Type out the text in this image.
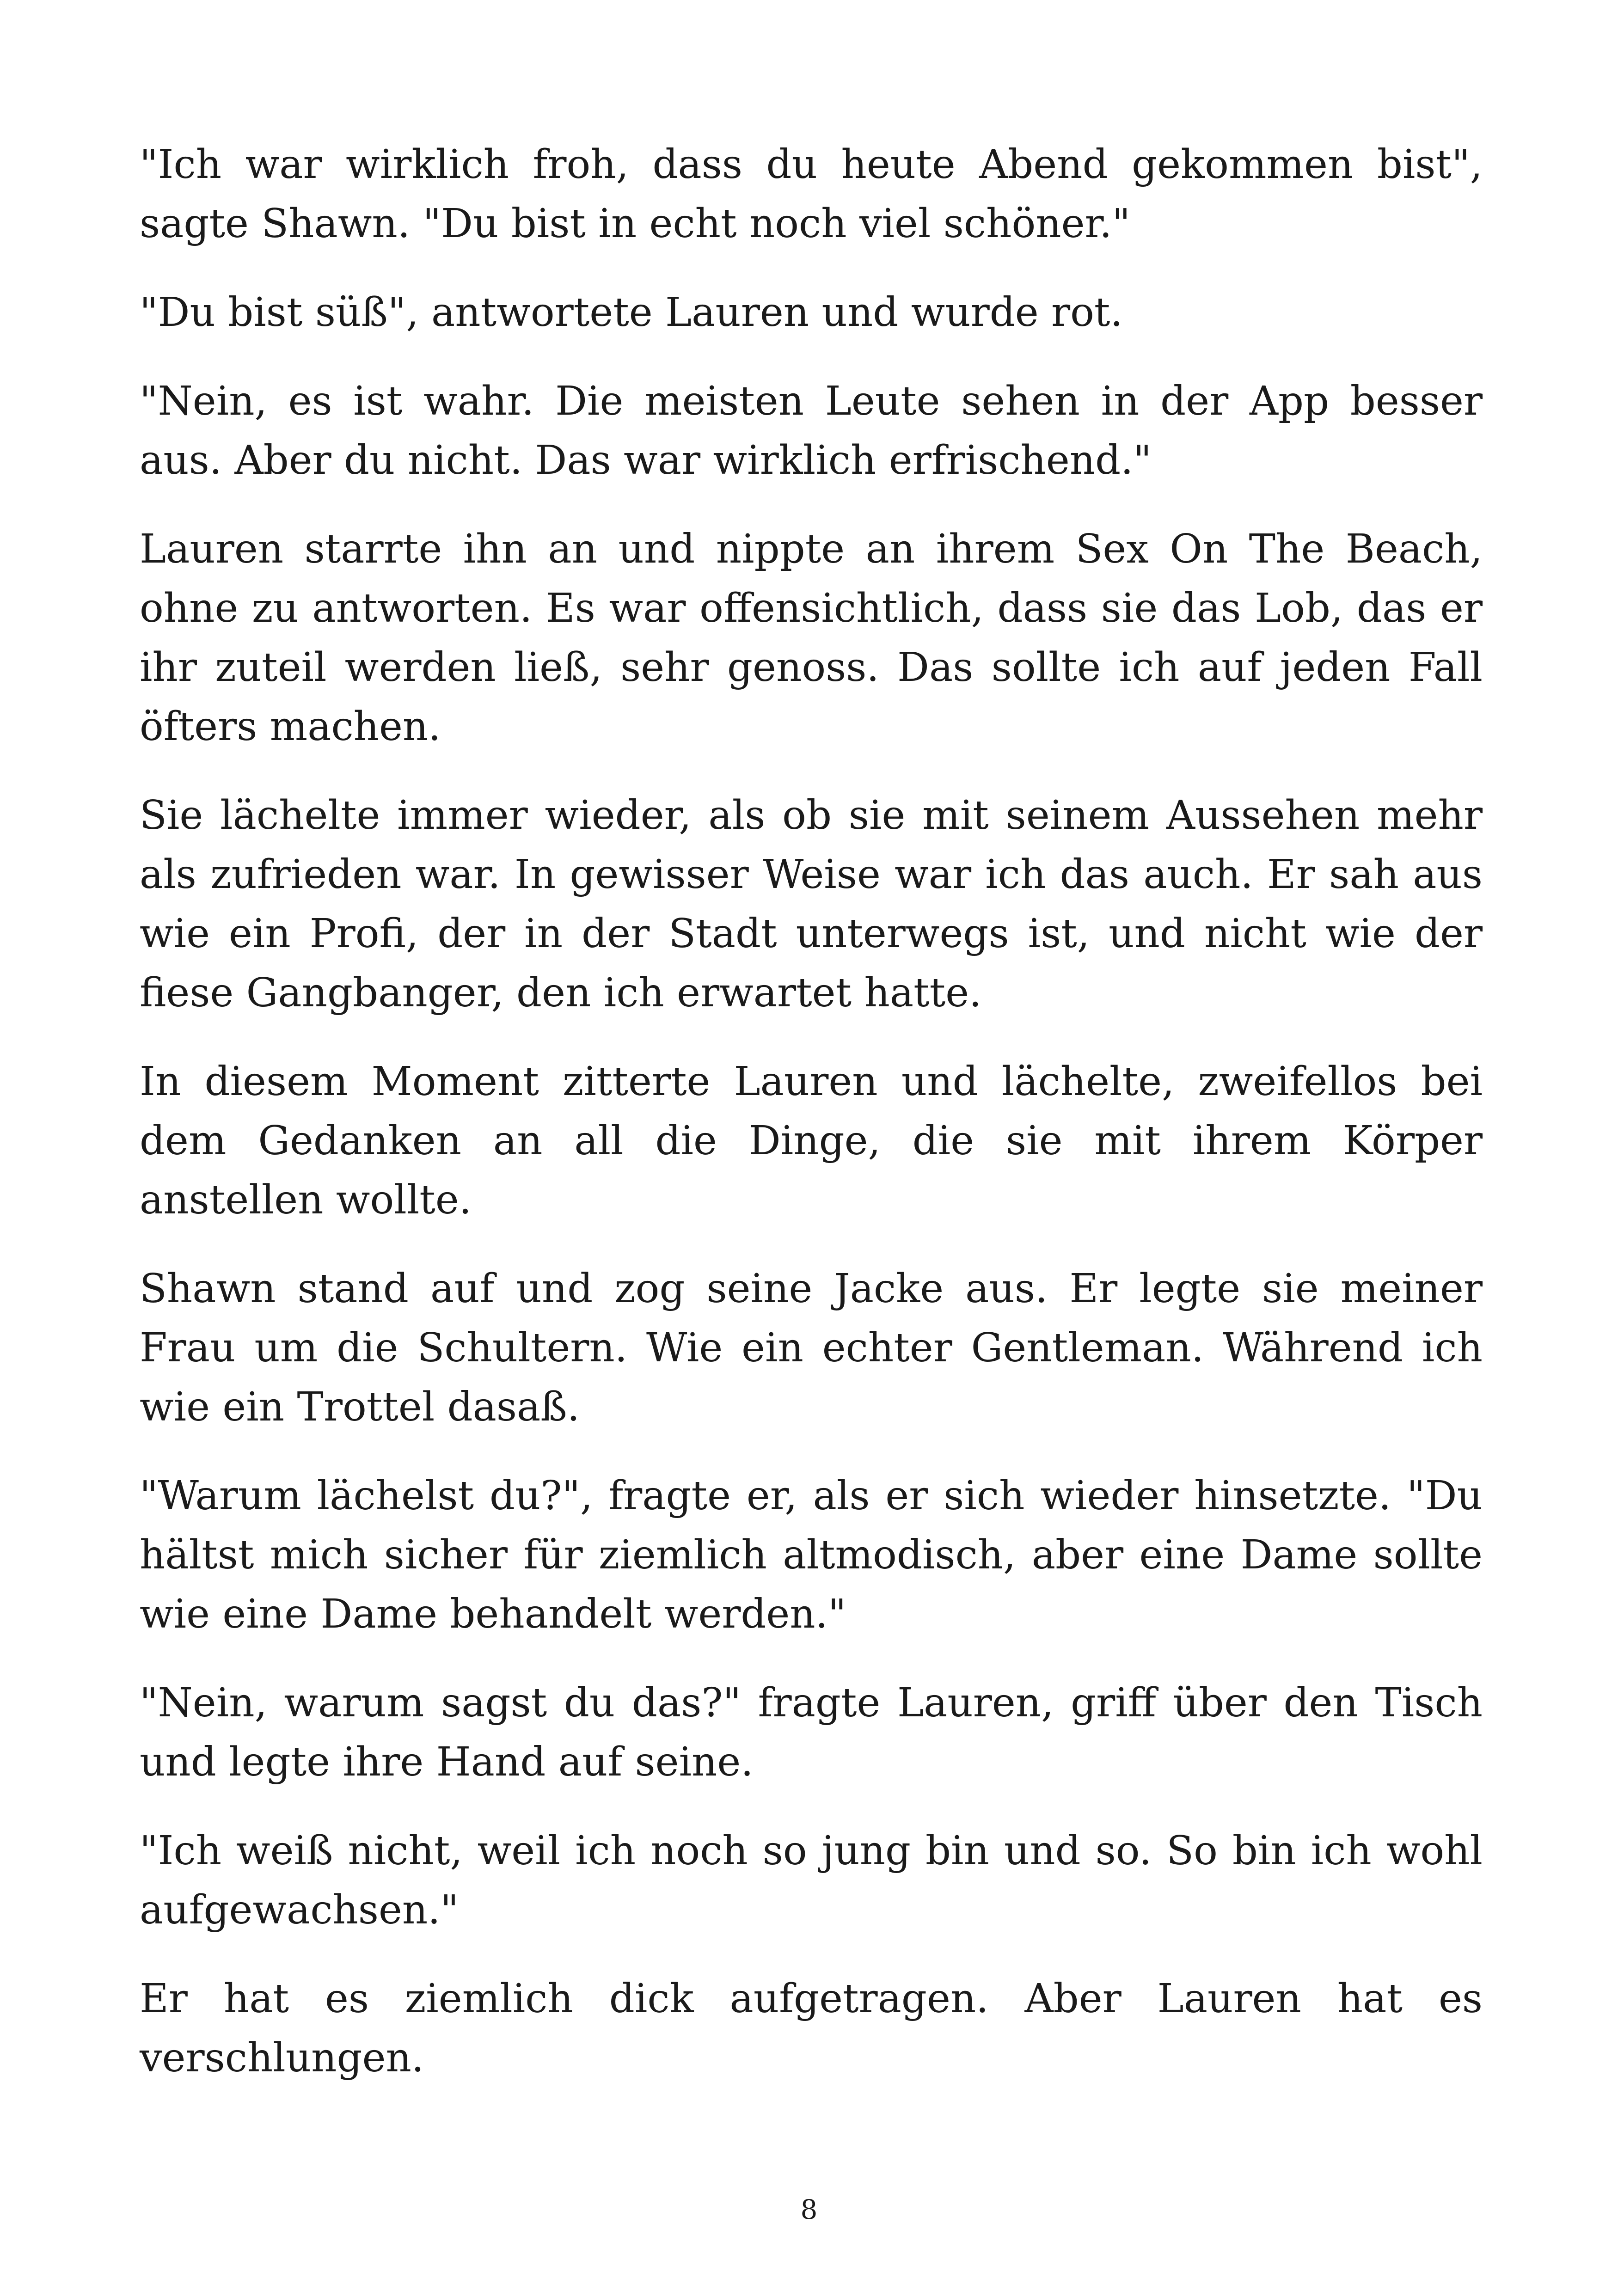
"Ich war wirklich froh, dass du heute Abend gekommen bist", sagte Shawn. "Du bist in echt noch viel schöner."

"Du bist süß", antwortete Lauren und wurde rot.

"Nein, es ist wahr. Die meisten Leute sehen in der App besser aus. Aber du nicht. Das war wirklich erfrischend."

Lauren starrte ihn an und nippte an ihrem Sex On The Beach, ohne zu antworten. Es war offensichtlich, dass sie das Lob, das er ihr zuteil werden ließ, sehr genoss. Das sollte ich auf jeden Fall öfters machen.

Sie lächelte immer wieder, als ob sie mit seinem Aussehen mehr als zufrieden war. In gewisser Weise war ich das auch. Er sah aus wie ein Profi, der in der Stadt unterwegs ist, und nicht wie der fiese Gangbanger, den ich erwartet hatte.

In diesem Moment zitterte Lauren und lächelte, zweifellos bei dem Gedanken an all die Dinge, die sie mit ihrem Körper anstellen wollte.

Shawn stand auf und zog seine Jacke aus. Er legte sie meiner Frau um die Schultern. Wie ein echter Gentleman. Während ich wie ein Trottel dasaß.

"Warum lächelst du?", fragte er, als er sich wieder hinsetzte. "Du hältst mich sicher für ziemlich altmodisch, aber eine Dame sollte wie eine Dame behandelt werden."

"Nein, warum sagst du das?" fragte Lauren, griff über den Tisch und legte ihre Hand auf seine.

"Ich weiß nicht, weil ich noch so jung bin und so. So bin ich wohl aufgewachsen."

Er hat es ziemlich dick aufgetragen. Aber Lauren hat es verschlungen.

8
